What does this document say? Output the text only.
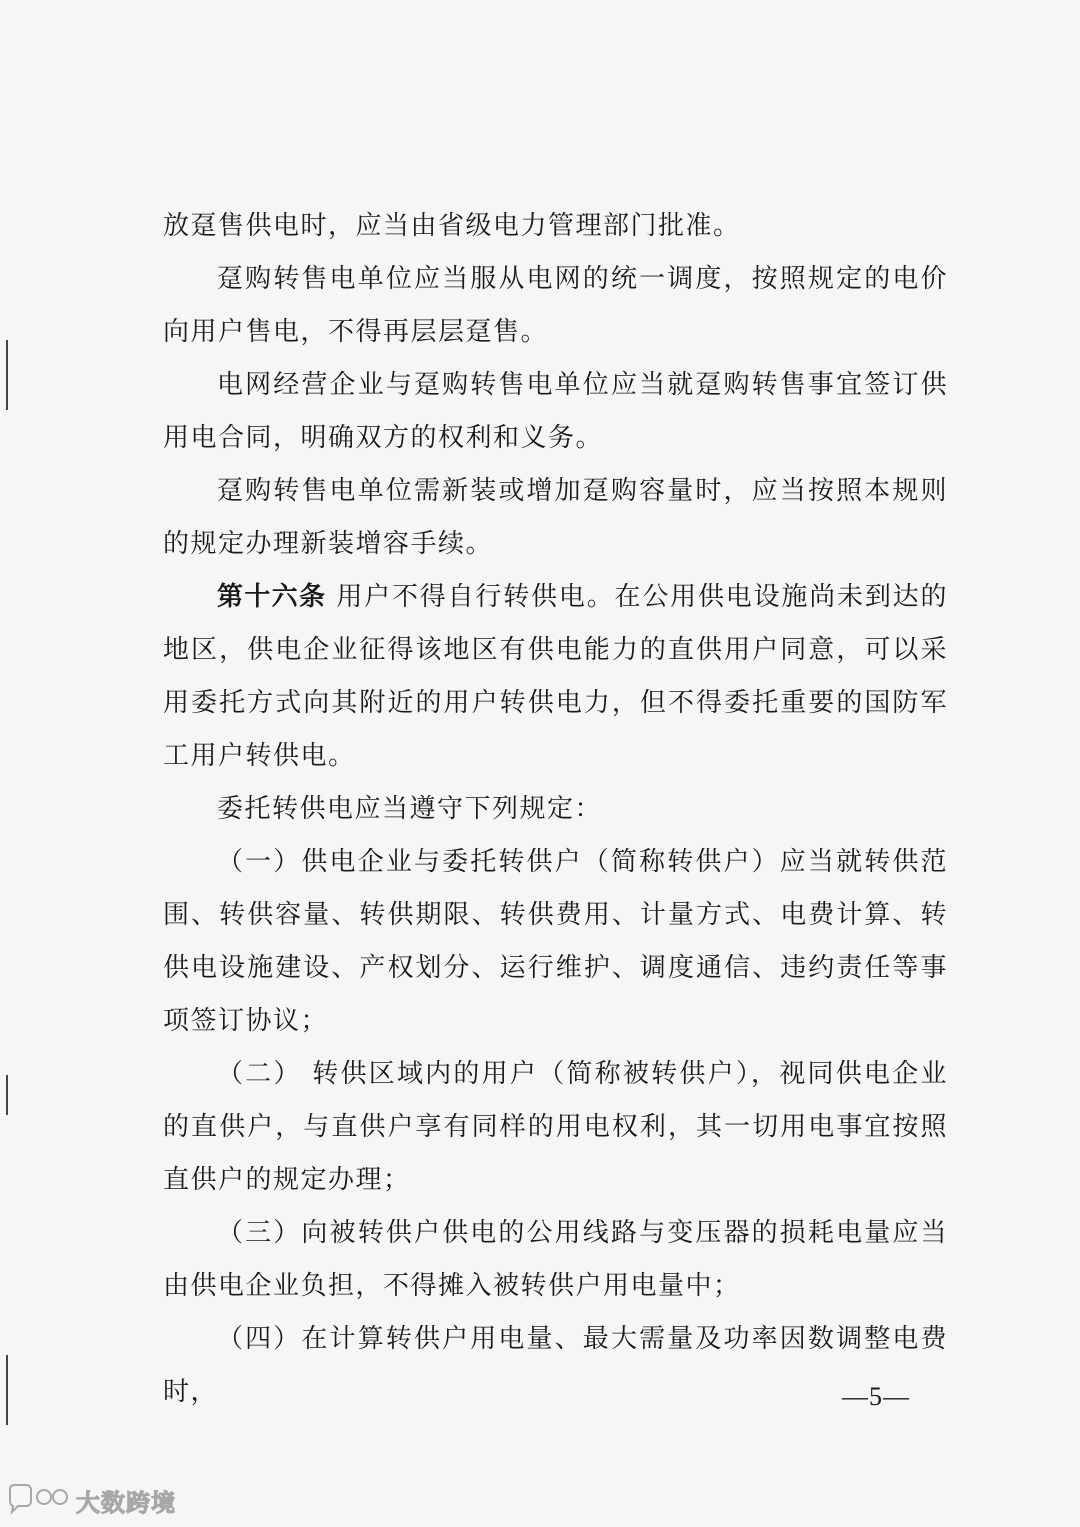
放趸售供电时，应当由省级电力管理部门批准。

趸购转售电单位应当服从电网的统一调度，按照规定的电价向用户售电，不得再层层趸售。

电网经营企业与趸购转售电单位应当就趸购转售事宜签订供用电合同，明确双方的权利和义务。

趸购转售电单位需新装或增加趸购容量时，应当按照本规则的规定办理新装增容手续。

第十六条 用户不得自行转供电。在公用供电设施尚未到达的地区，供电企业征得该地区有供电能力的直供用户同意，可以采用委托方式向其附近的用户转供电力，但不得委托重要的国防军工用户转供电。

委托转供电应当遵守下列规定：

（一）供电企业与委托转供户（简称转供户）应当就转供范围、转供容量、转供期限、转供费用、计量方式、电费计算、转供电设施建设、产权划分、运行维护、调度通信、违约责任等事项签订协议；

（二） 转供区域内的用户（简称被转供户），视同供电企业的直供户，与直供户享有同样的用电权利，其一切用电事宜按照直供户的规定办理；

（三）向被转供户供电的公用线路与变压器的损耗电量应当由供电企业负担，不得摊入被转供户用电量中；

（四）在计算转供户用电量、最大需量及功率因数调整电费时，	—5—
大数跨境
